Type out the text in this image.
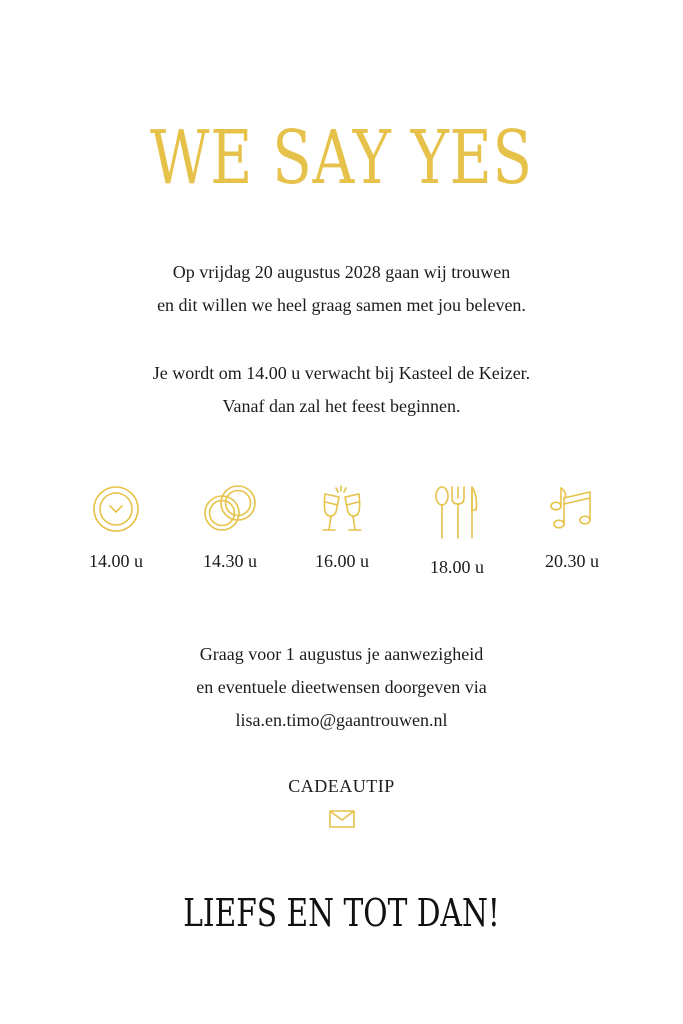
WE SAY YES
Op vrijdag 20 augustus 2028 gaan wij trouwen
en dit willen we heel graag samen met jou beleven.
Je wordt om 14.00 u verwacht bij Kasteel de Keizer.
Vanaf dan zal het feest beginnen.
14.00 u	14.30 u	16.00 u	18.00 u	20.30 u
Graag voor 1 augustus je aanwezigheid
en eventuele dieetwensen doorgeven via
lisa.en.timo@gaantrouwen.nl
CADEAUTIP
LIEFS EN TOT DAN!
